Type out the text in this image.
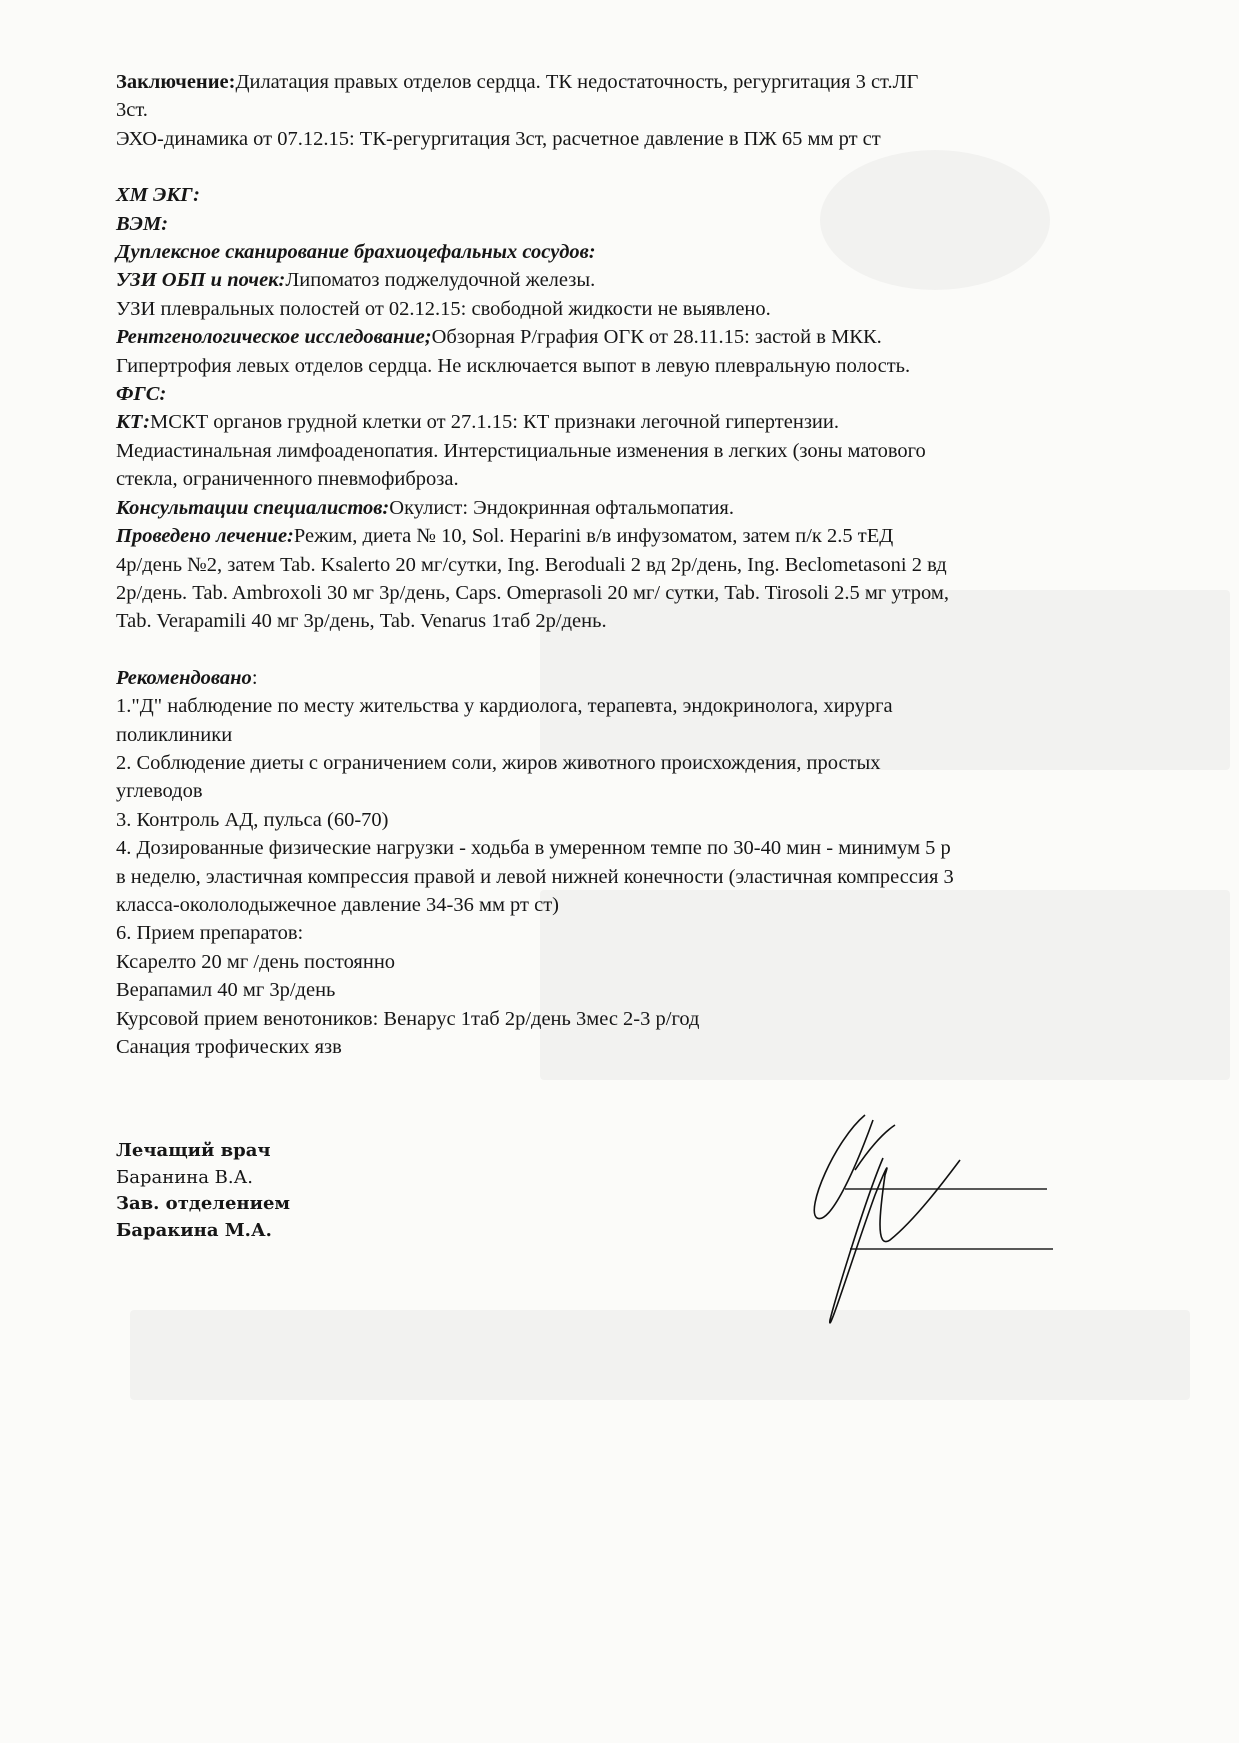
Заключение:Дилатация правых отделов сердца. ТК недостаточность, регургитация 3 ст.ЛГ
3ст.
ЭХО-динамика от 07.12.15: ТК-регургитация 3ст, расчетное давление в ПЖ 65 мм рт ст
ХМ ЭКГ:
ВЭМ:
Дуплексное сканирование брахиоцефальных сосудов:
УЗИ ОБП и почек:Липоматоз поджелудочной железы.
УЗИ плевральных полостей от 02.12.15: свободной жидкости не выявлено.
Рентгенологическое исследование;Обзорная Р/графия ОГК от 28.11.15: застой в МКК.
Гипертрофия левых отделов сердца. Не исключается выпот в левую плевральную полость.
ФГС:
КТ:МСКТ органов грудной клетки от 27.1.15: КТ признаки легочной гипертензии.
Медиастинальная лимфоаденопатия. Интерстициальные изменения в легких (зоны матового
стекла, ограниченного пневмофиброза.
Консультации специалистов:Окулист: Эндокринная офтальмопатия.
Проведено лечение:Режим, диета № 10, Sol. Heparini в/в инфузоматом, затем п/к 2.5 тЕД
4р/день №2, затем Tab. Ksalerto 20 мг/сутки, Ing. Berodualі 2 вд 2р/день, Ing. Beclometasoni 2 вд
2р/день. Tab. Ambroxoli 30 мг 3р/день, Caps. Omeprasoli 20 мг/ сутки, Tab. Tirosoli 2.5 мг утром,
Tab. Verapamili 40 мг 3р/день, Tab. Venarus 1таб 2р/день.
Рекомендовано:
1."Д" наблюдение по месту жительства у кардиолога, терапевта, эндокринолога, хирурга
поликлиники
2. Соблюдение диеты с ограничением соли, жиров животного происхождения, простых
углеводов
3. Контроль АД, пульса (60-70)
4. Дозированные физические нагрузки - ходьба в умеренном темпе по 30-40 мин - минимум 5 р
в неделю, эластичная компрессия правой и левой нижней конечности (эластичная компрессия 3
класса-окололодыжечное давление 34-36 мм рт ст)
6. Прием препаратов:
Ксарелто 20 мг /день постоянно
Верапамил 40 мг 3р/день
Курсовой прием венотоников: Венарус 1таб 2р/день 3мес 2-3 р/год
Санация трофических язв
Лечащий врач
Баранина В.А.
Зав. отделением
Баракина М.А.
